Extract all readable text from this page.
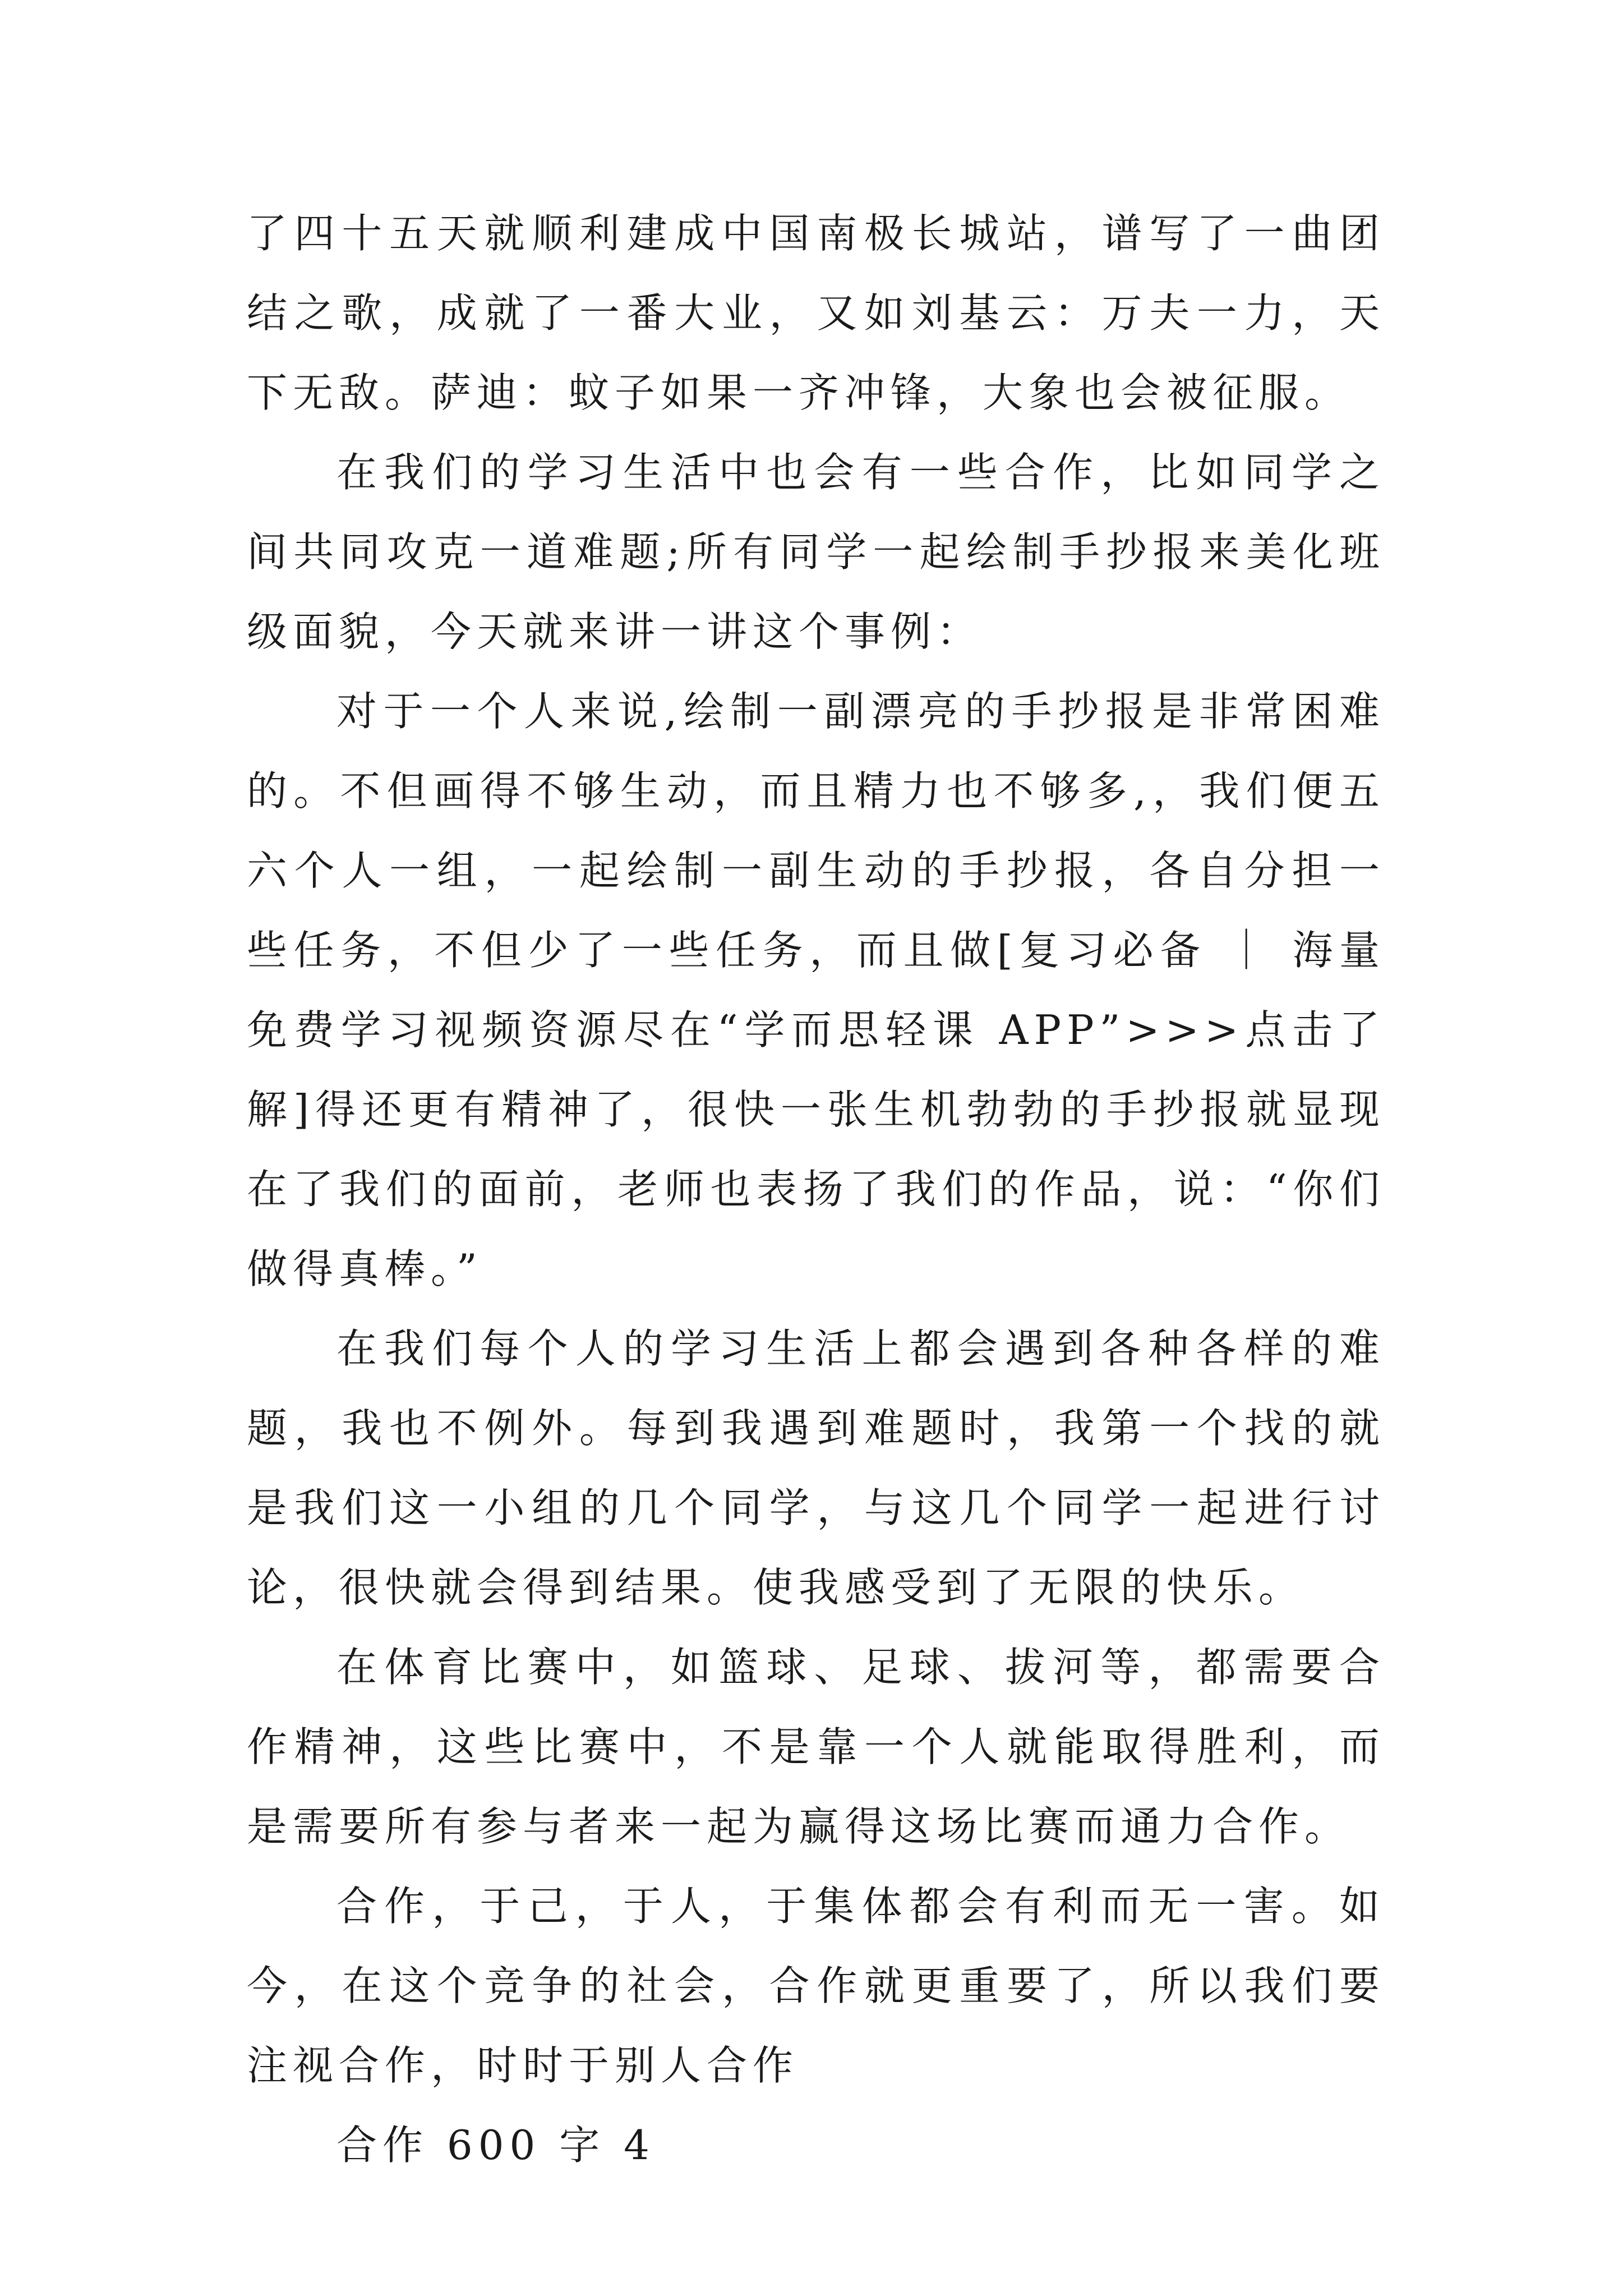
了四十五天就顺利建成中国南极长城站，谱写了一曲团结之歌，成就了一番大业，又如刘基云：万夫一力，天下无敌。萨迪：蚊子如果一齐冲锋，大象也会被征服。

在我们的学习生活中也会有一些合作，比如同学之间共同攻克一道难题;所有同学一起绘制手抄报来美化班级面貌，今天就来讲一讲这个事例：

对于一个人来说,绘制一副漂亮的手抄报是非常困难的。不但画得不够生动，而且精力也不够多,，我们便五六个人一组，一起绘制一副生动的手抄报，各自分担一些任务，不但少了一些任务，而且做[复习必备 ｜ 海量免费学习视频资源尽在“学而思轻课 APP”>>>点击了解]得还更有精神了，很快一张生机勃勃的手抄报就显现在了我们的面前，老师也表扬了我们的作品，说：“你们做得真棒。”

在我们每个人的学习生活上都会遇到各种各样的难题，我也不例外。每到我遇到难题时，我第一个找的就是我们这一小组的几个同学，与这几个同学一起进行讨论，很快就会得到结果。使我感受到了无限的快乐。

在体育比赛中，如篮球、足球、拔河等，都需要合作精神，这些比赛中，不是靠一个人就能取得胜利，而是需要所有参与者来一起为赢得这场比赛而通力合作。

合作，于己，于人，于集体都会有利而无一害。如今，在这个竞争的社会，合作就更重要了，所以我们要注视合作，时时于别人合作

合作 600 字 4
